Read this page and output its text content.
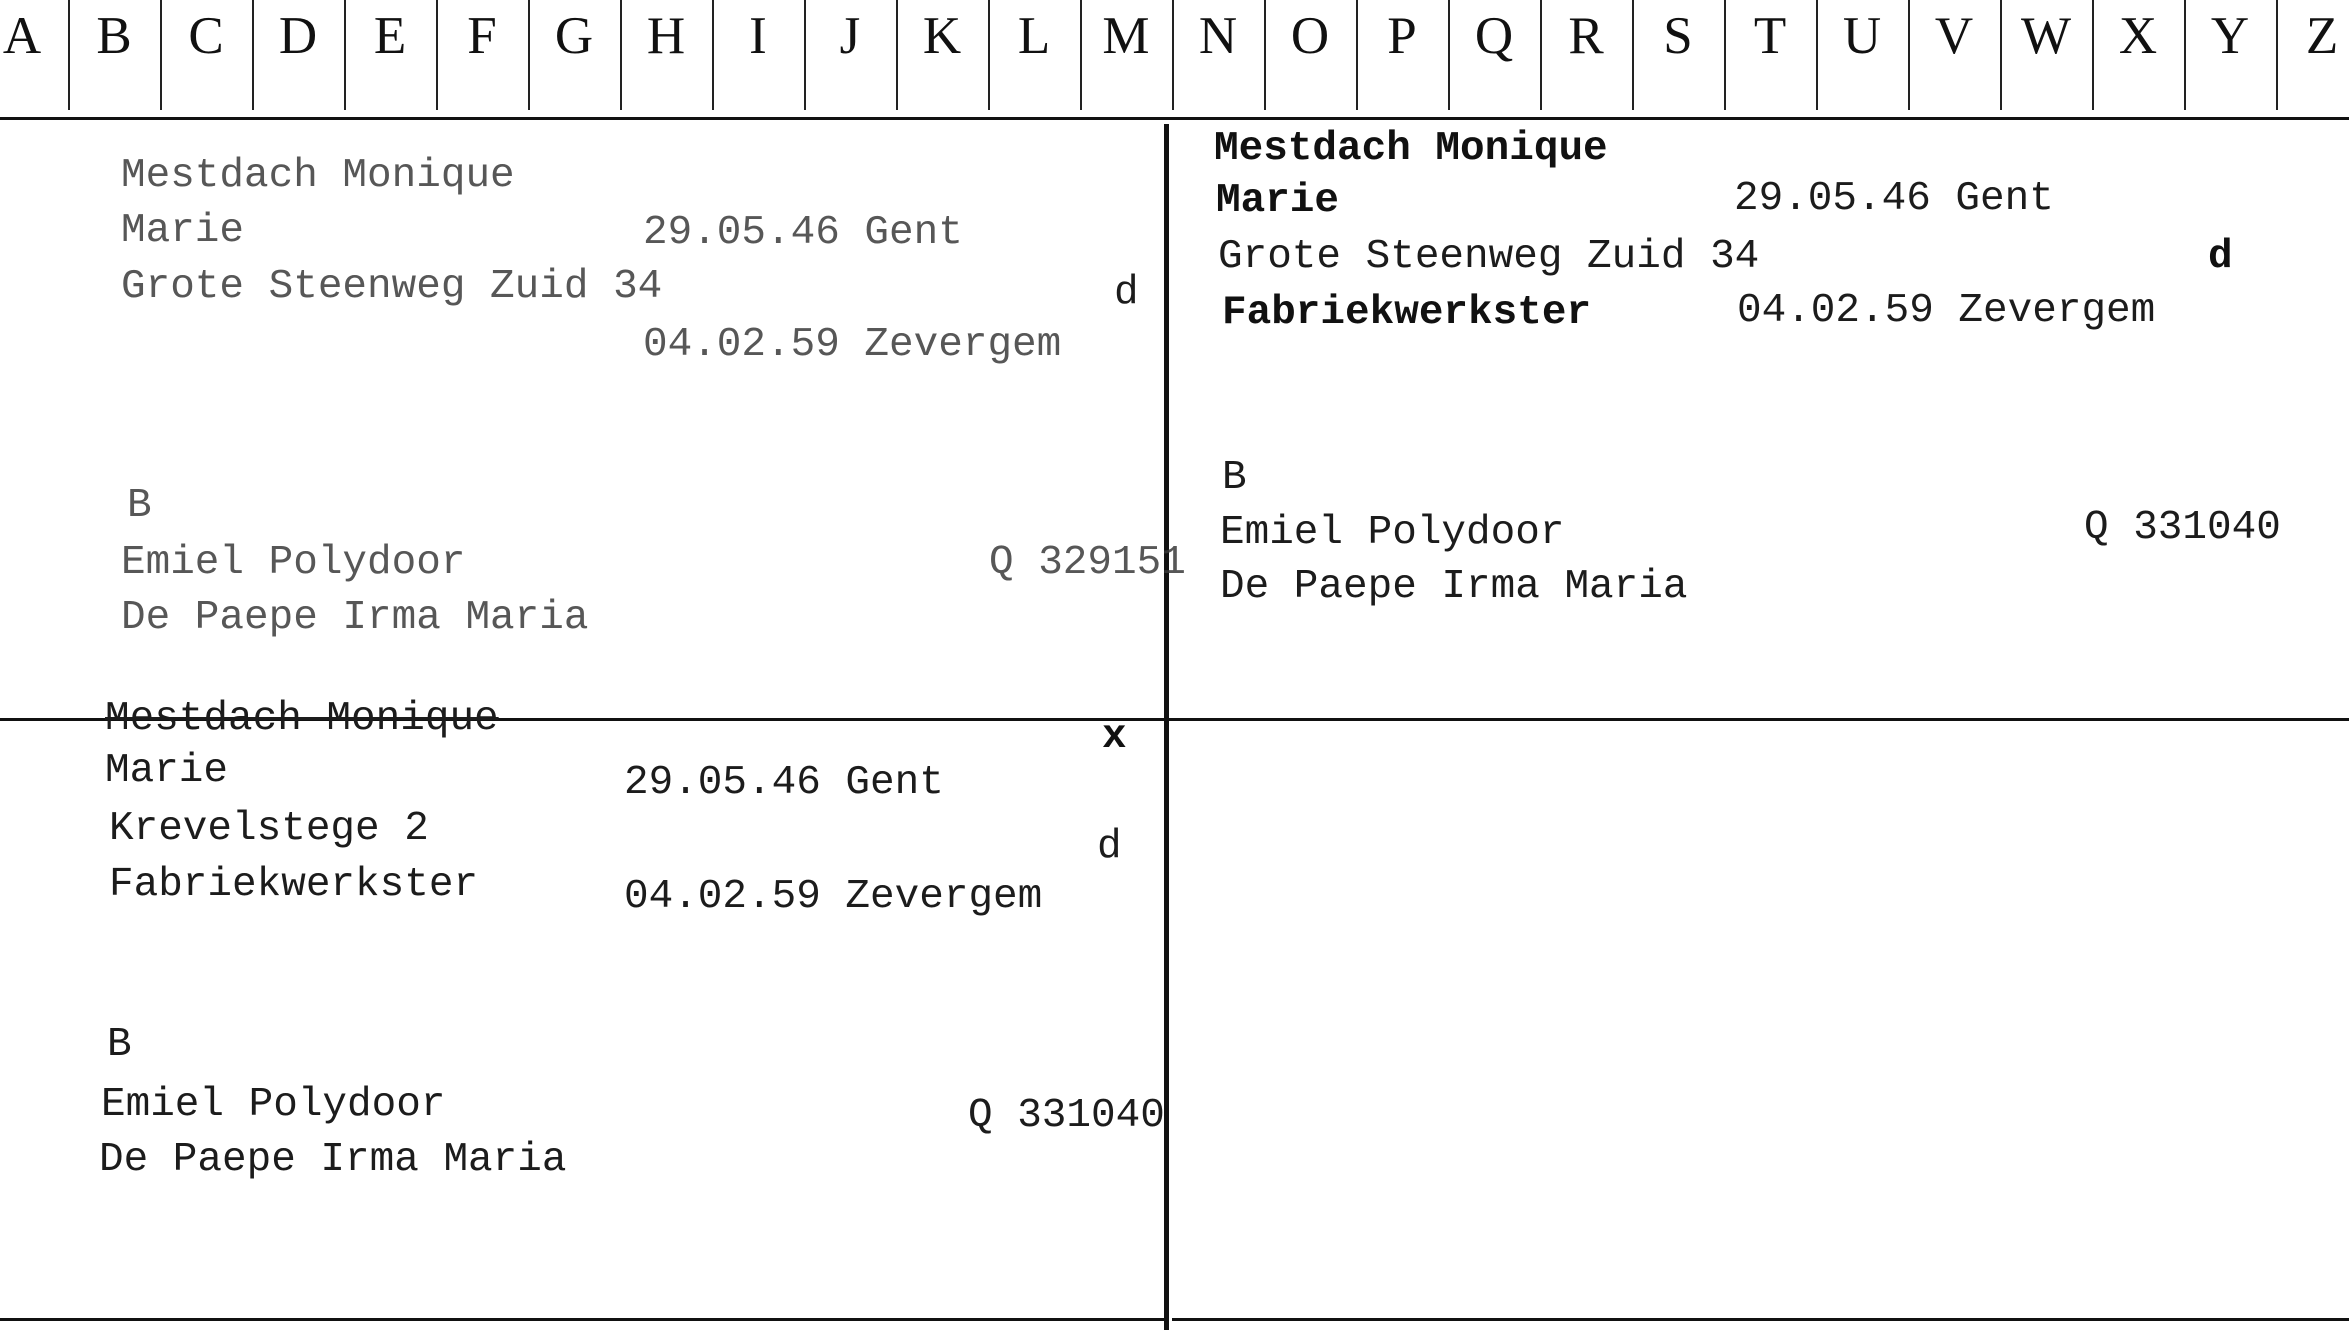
A B C D E F G H I J K L M N O P Q R S T U V W X Y Z
Mestdach Monique
Marie	29.05.46 Gent
Grote Steenweg Zuid 34	d
04.02.59 Zevergem
B
Emiel Polydoor	Q 329151
De Paepe Irma Maria
Mestdach Monique
Marie	29.05.46 Gent
Grote Steenweg Zuid 34	d
Fabriekwerkster	04.02.59 Zevergem
B
Emiel Polydoor	Q 331040
De Paepe Irma Maria
Mestdach Monique	x
Marie	29.05.46 Gent
Krevelstege 2	d
Fabriekwerkster	04.02.59 Zevergem
B
Emiel Polydoor	Q 331040
De Paepe Irma Maria
